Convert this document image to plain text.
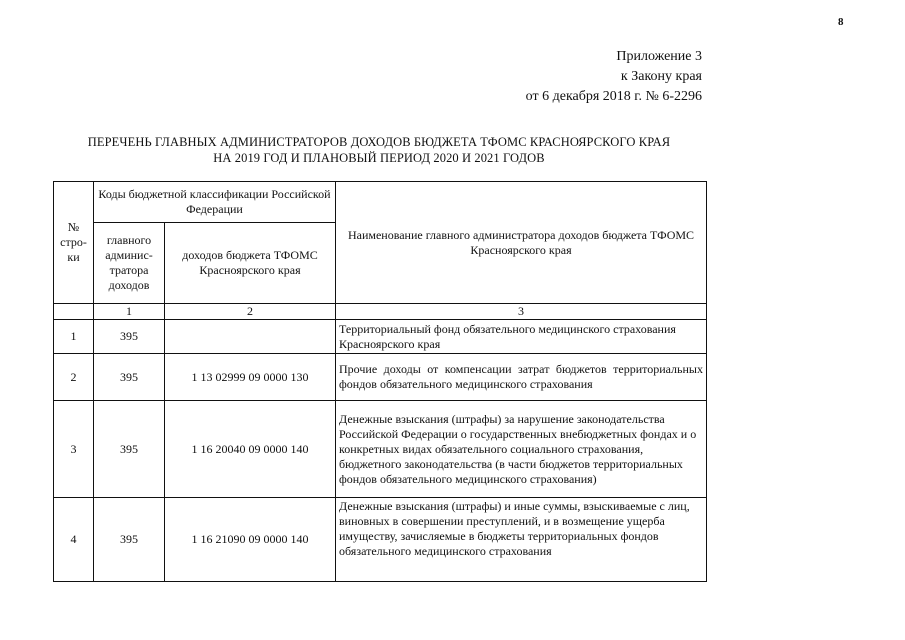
8
Приложение 3
к Закону края
от 6 декабря 2018 г. № 6-2296
ПЕРЕЧЕНЬ ГЛАВНЫХ АДМИНИСТРАТОРОВ ДОХОДОВ БЮДЖЕТА ТФОМС КРАСНОЯРСКОГО КРАЯ
НА 2019 ГОД И ПЛАНОВЫЙ ПЕРИОД 2020 И 2021 ГОДОВ
№ стро-ки	Коды бюджетной классификации Российской Федерации		Наименование главного администратора доходов бюджета ТФОМС Красноярского края
	главного админис-тратора доходов	доходов бюджета ТФОМС Красноярского края	
	1	2	3
1	395		Территориальный фонд обязательного медицинского страхования Красноярского края
2	395	1 13 02999 09 0000 130	Прочие доходы от компенсации затрат бюджетов территориальных фондов обязательного медицинского страхования
3	395	1 16 20040 09 0000 140	Денежные взыскания (штрафы) за нарушение законодательства Российской Федерации о государственных внебюджетных фондах и о конкретных видах обязательного социального страхования, бюджетного законодательства (в части бюджетов территориальных фондов обязательного медицинского страхования)
4	395	1 16 21090 09 0000 140	Денежные взыскания (штрафы) и иные суммы, взыскиваемые с лиц, виновных в совершении преступлений, и в возмещение ущерба имуществу, зачисляемые в бюджеты территориальных фондов обязательного медицинского страхования
